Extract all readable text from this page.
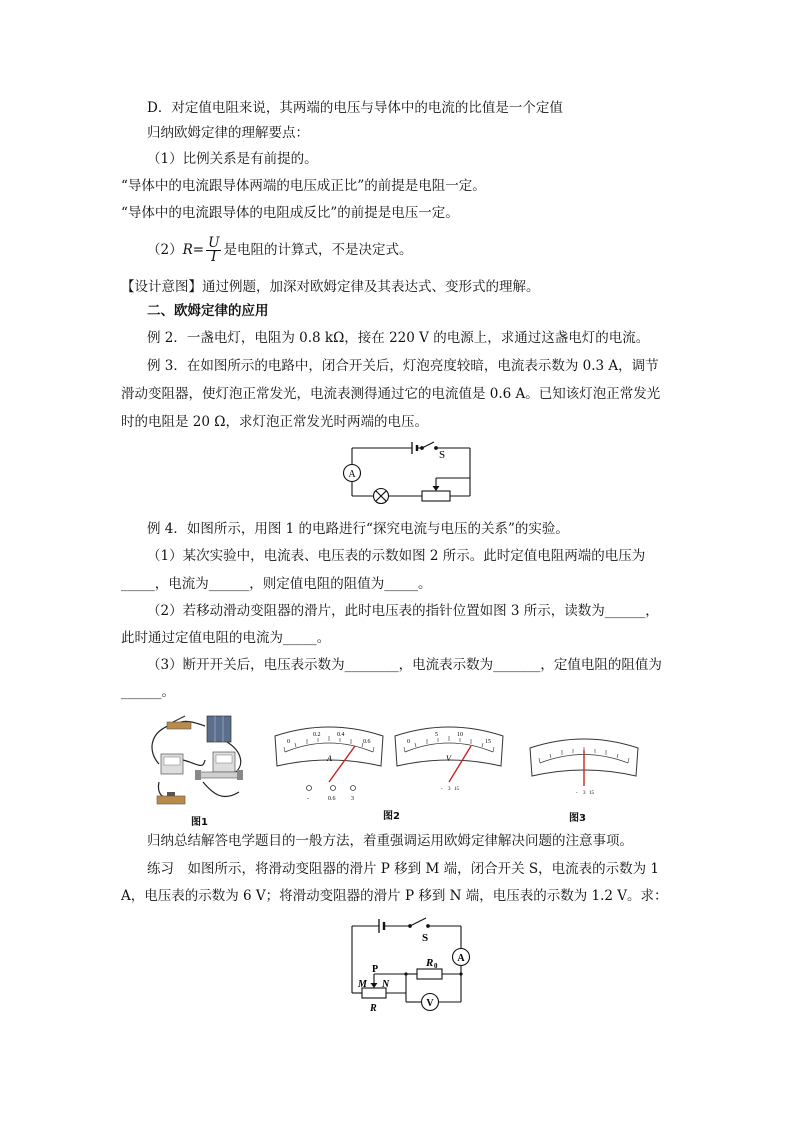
D．对定值电阻来说，其两端的电压与导体中的电流的比值是一个定值
归纳欧姆定律的理解要点：
（1）比例关系是有前提的。
“导体中的电流跟导体两端的电压成正比”的前提是电阻一定。
“导体中的电流跟导体的电阻成反比”的前提是电压一定。
$(2)R= \frac{U}{I}$ 是电阻的计算式，不是决定式。
【设计意图】通过例题，加深对欧姆定律及其表达式、变形式的理解。
二、欧姆定律的应用
例 2．一盏电灯，电阻为 0.8 kΩ，接在 220 V 的电源上，求通过这盏电灯的电流。
例 3．在如图所示的电路中，闭合开关后，灯泡亮度较暗，电流表示数为 0.3 A，调节
滑动变阻器，使灯泡正常发光，电流表测得通过它的电流值是 0.6 A。已知该灯泡正常发光
时的电阻是 20 Ω，求灯泡正常发光时两端的电压。
S
A
例 4．如图所示，用图 1 的电路进行“探究电流与电压的关系”的实验。
（1）某次实验中，电流表、电压表的示数如图 2 所示。此时定值电阻两端的电压为
_____，电流为______，则定值电阻的阻值为_____。
（2）若移动滑动变阻器的滑片，此时电压表的指针位置如图 3 所示，读数为______，
此时通过定值电阻的电流为_____。
（3）断开开关后，电压表示数为________，电流表示数为_______，定值电阻的阻值为
______。
图1
0
0.2	0.4
0.6
A
-	0.6	3
0
5	10
15
V
- 3 15
图2
- 3 15
图3
归纳总结解答电学题目的一般方法，着重强调运用欧姆定律解决问题的注意事项。
练习　如图所示，将滑动变阻器的滑片 P 移到 M 端，闭合开关 S，电流表的示数为 1
A，电压表的示数为 6 V；将滑动变阻器的滑片 P 移到 N 端，电压表的示数为 1.2 V。求：
S
A
V
R 0
P
M N
R
